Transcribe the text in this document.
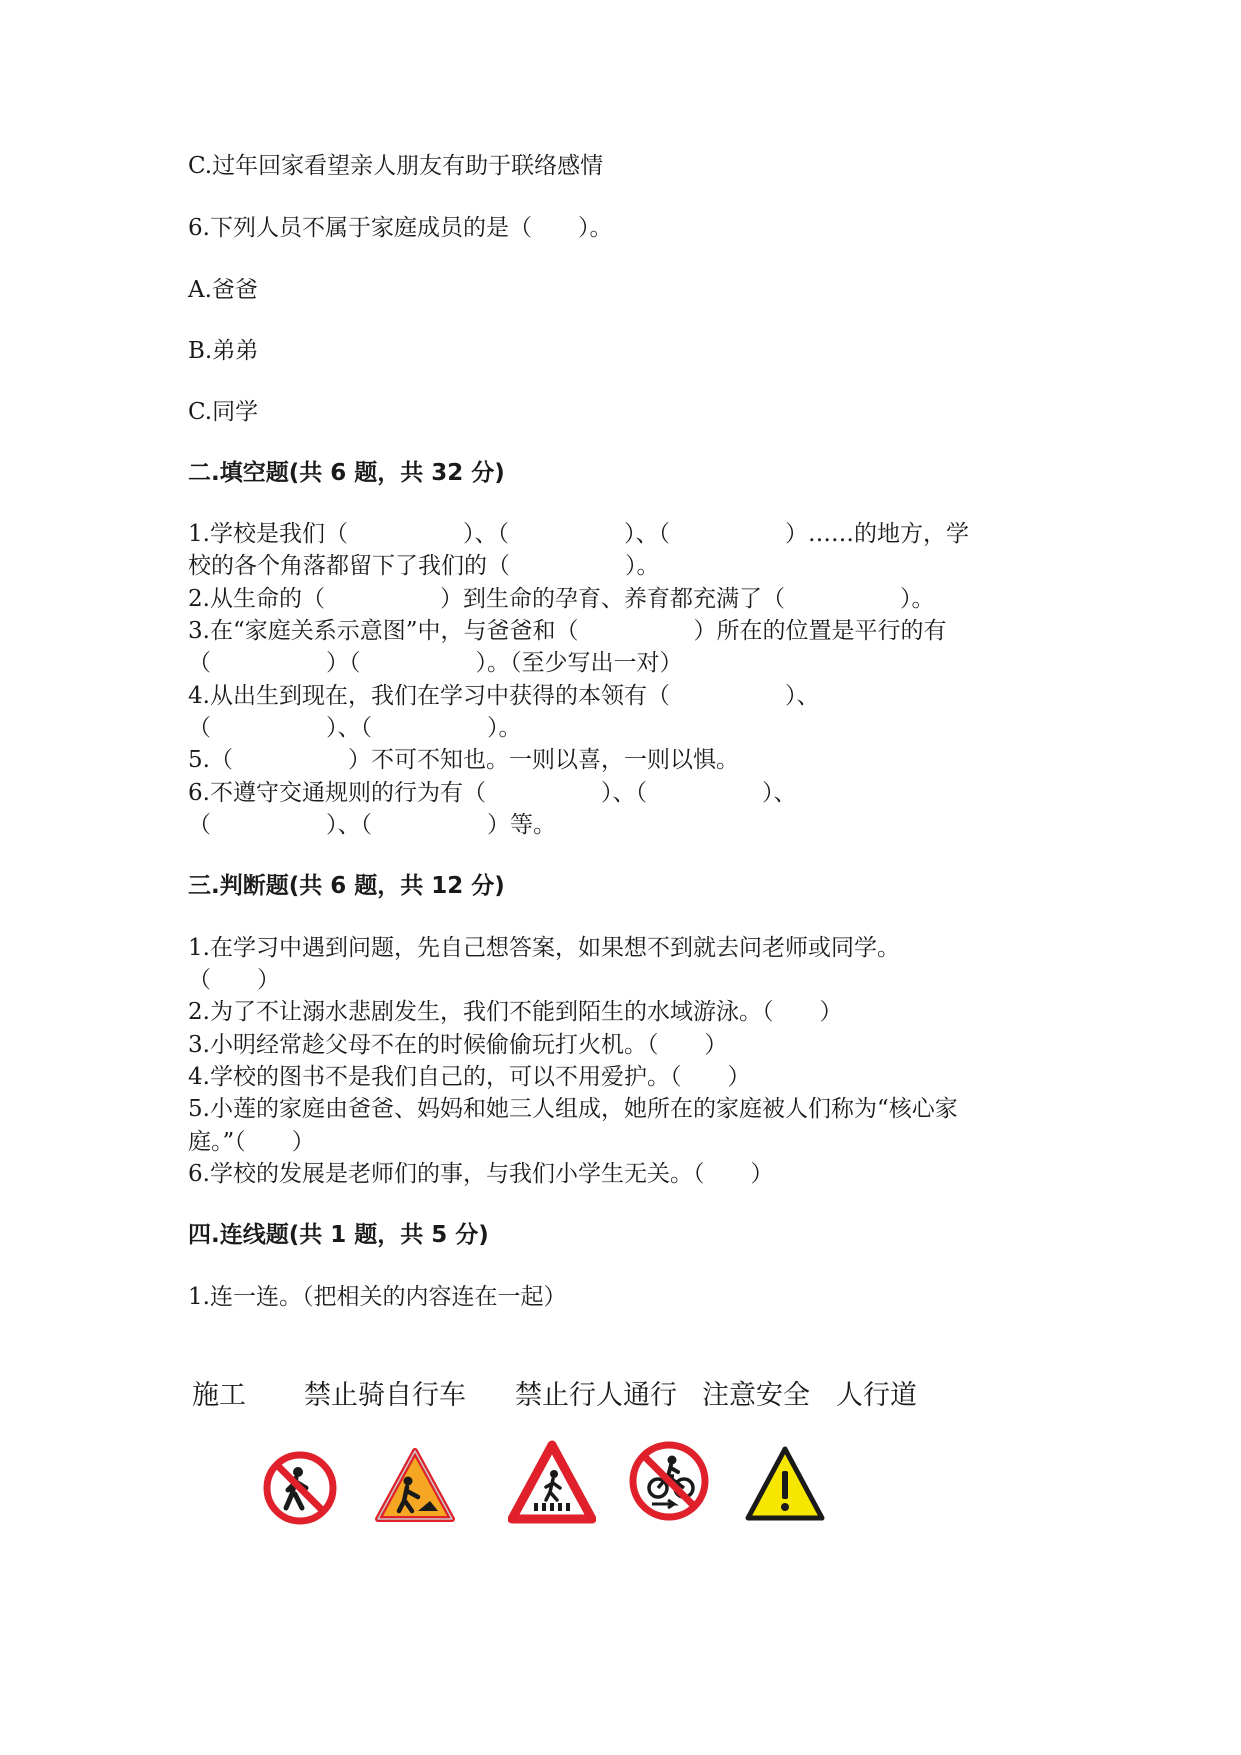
C.过年回家看望亲人朋友有助于联络感情
6.下列人员不属于家庭成员的是（　　）。
A.爸爸
B.弟弟
C.同学
二.填空题(共 6 题，共 32 分)
1.学校是我们（　　　　　）、（　　　　　）、（　　　　　）……的地方，学
校的各个角落都留下了我们的（　　　　　）。
2.从生命的（　　　　　）到生命的孕育、养育都充满了（　　　　　）。
3.在“家庭关系示意图”中，与爸爸和（　　　　　）所在的位置是平行的有
（　　　　　）（　　　　　）。（至少写出一对）
4.从出生到现在，我们在学习中获得的本领有（　　　　　）、
（　　　　　）、（　　　　　）。
5.（　　　　　）不可不知也。一则以喜，一则以惧。
6.不遵守交通规则的行为有（　　　　　）、（　　　　　）、
（　　　　　）、（　　　　　）等。
三.判断题(共 6 题，共 12 分)
1.在学习中遇到问题，先自己想答案，如果想不到就去问老师或同学。
（　　）
2.为了不让溺水悲剧发生，我们不能到陌生的水域游泳。（　　）
3.小明经常趁父母不在的时候偷偷玩打火机。（　　）
4.学校的图书不是我们自己的，可以不用爱护。（　　）
5.小莲的家庭由爸爸、妈妈和她三人组成，她所在的家庭被人们称为“核心家
庭。”（　　）
6.学校的发展是老师们的事，与我们小学生无关。（　　）
四.连线题(共 1 题，共 5 分)
1.连一连。（把相关的内容连在一起）
施工 禁止骑自行车 禁止行人通行 注意安全 人行道
